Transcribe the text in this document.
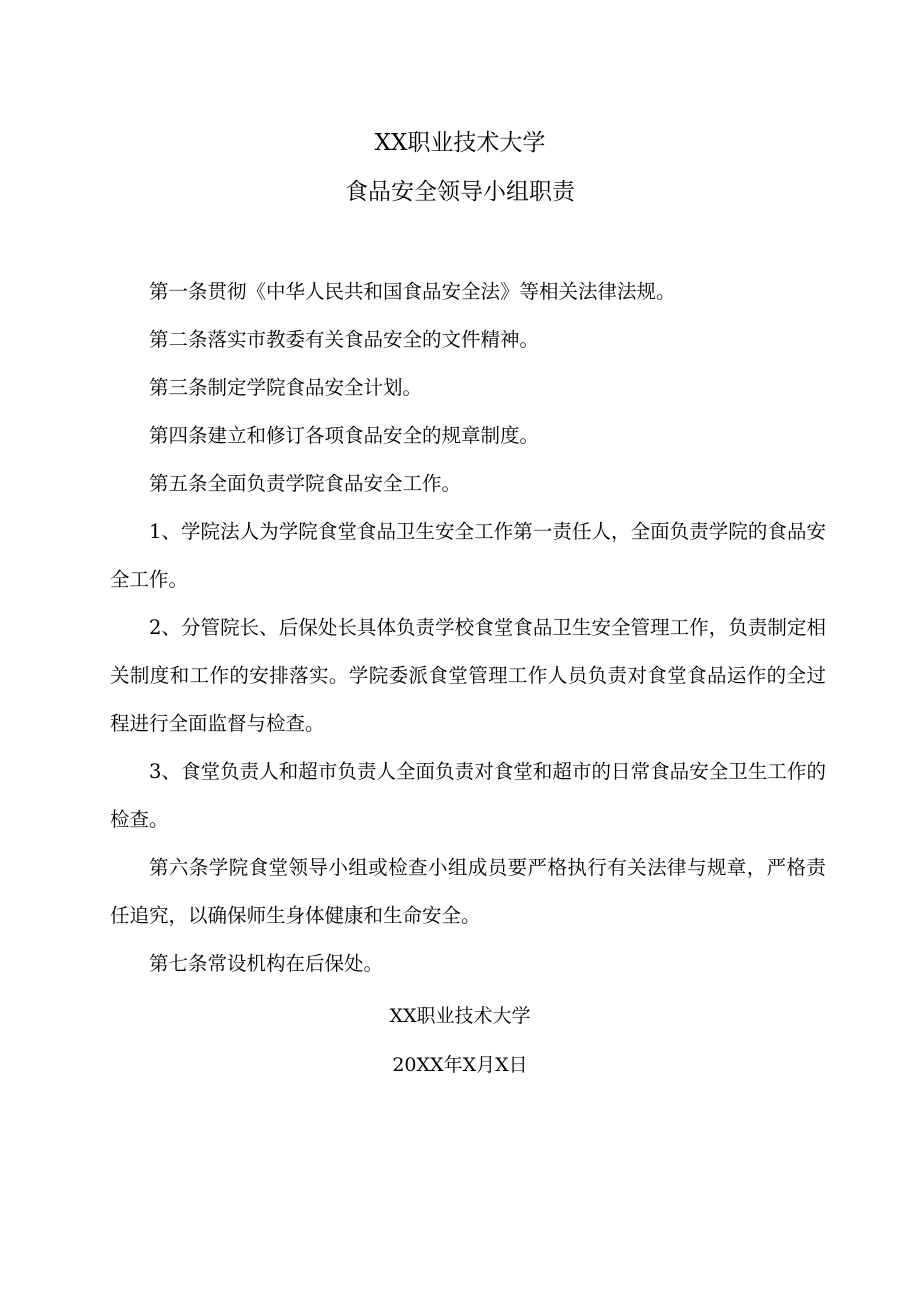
XX职业技术大学
食品安全领导小组职责

第一条贯彻《中华人民共和国食品安全法》等相关法律法规。

第二条落实市教委有关食品安全的文件精神。

第三条制定学院食品安全计划。

第四条建立和修订各项食品安全的规章制度。

第五条全面负责学院食品安全工作。

1、学院法人为学院食堂食品卫生安全工作第一责任人，全面负责学院的食品安全工作。

2、分管院长、后保处长具体负责学校食堂食品卫生安全管理工作，负责制定相关制度和工作的安排落实。学院委派食堂管理工作人员负责对食堂食品运作的全过程进行全面监督与检查。

3、食堂负责人和超市负责人全面负责对食堂和超市的日常食品安全卫生工作的检查。

第六条学院食堂领导小组或检查小组成员要严格执行有关法律与规章，严格责任追究，以确保师生身体健康和生命安全。

第七条常设机构在后保处。

XX职业技术大学
20XX年X月X日
